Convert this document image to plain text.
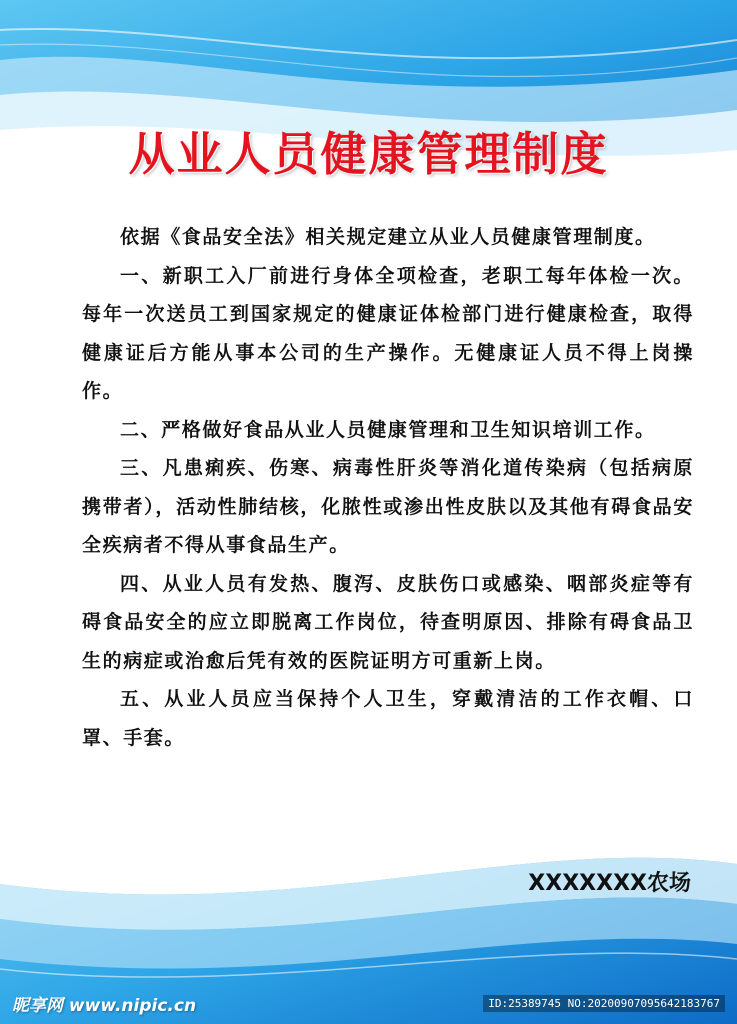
从业人员健康管理制度

依据《食品安全法》相关规定建立从业人员健康管理制度。

一、新职工入厂前进行身体全项检查，老职工每年体检一次。每年一次送员工到国家规定的健康证体检部门进行健康检查，取得健康证后方能从事本公司的生产操作。无健康证人员不得上岗操作。

二、严格做好食品从业人员健康管理和卫生知识培训工作。

三、凡患痢疾、伤寒、病毒性肝炎等消化道传染病（包括病原携带者），活动性肺结核，化脓性或渗出性皮肤以及其他有碍食品安全疾病者不得从事食品生产。

四、从业人员有发热、腹泻、皮肤伤口或感染、咽部炎症等有碍食品安全的应立即脱离工作岗位，待查明原因、排除有碍食品卫生的病症或治愈后凭有效的医院证明方可重新上岗。

五、从业人员应当保持个人卫生，穿戴清洁的工作衣帽、口罩、手套。

XXXXXXX农场
昵享网 www.nipic.cn	ID:25389745 NO:20200907095642183767
